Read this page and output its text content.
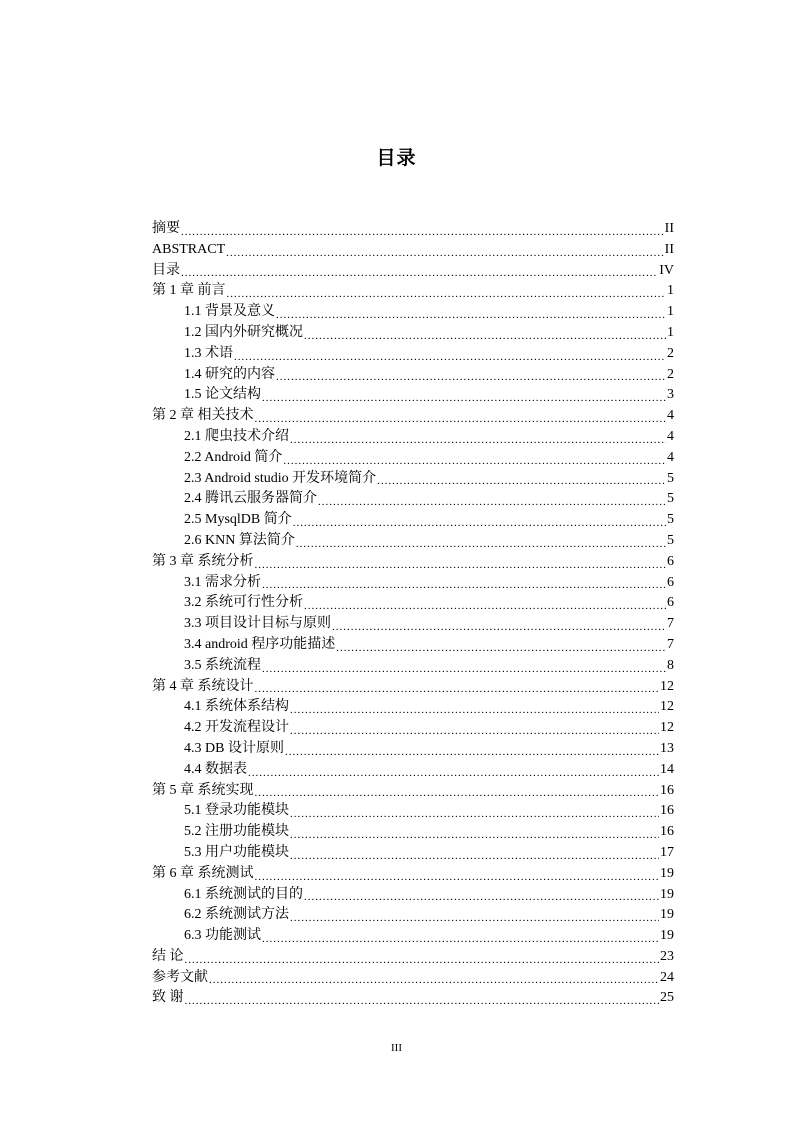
目录
摘要 .....	II
ABSTRACT .....	II
目录 .....	IV
第 1 章 前言 .....	1
1.1 背景及意义 .....	1
1.2 国内外研究概况 .....	1
1.3 术语 .....	2
1.4 研究的内容 .....	2
1.5 论文结构 .....	3
第 2 章 相关技术 .....	4
2.1 爬虫技术介绍 .....	4
2.2 Android 简介 .....	4
2.3 Android studio 开发环境简介 .....	5
2.4 腾讯云服务器简介 .....	5
2.5 MysqlDB 简介 .....	5
2.6 KNN 算法简介 .....	5
第 3 章 系统分析 .....	6
3.1 需求分析 .....	6
3.2 系统可行性分析 .....	6
3.3 项目设计目标与原则 .....	7
3.4 android 程序功能描述 .....	7
3.5 系统流程 .....	8
第 4 章 系统设计 .....	12
4.1 系统体系结构 .....	12
4.2 开发流程设计 .....	12
4.3 DB 设计原则 .....	13
4.4 数据表 .....	14
第 5 章 系统实现 .....	16
5.1 登录功能模块 .....	16
5.2 注册功能模块 .....	16
5.3 用户功能模块 .....	17
第 6 章 系统测试 .....	19
6.1 系统测试的目的 .....	19
6.2 系统测试方法 .....	19
6.3 功能测试 .....	19
结 论 .....	23
参考文献 .....	24
致 谢 .....	25
III
